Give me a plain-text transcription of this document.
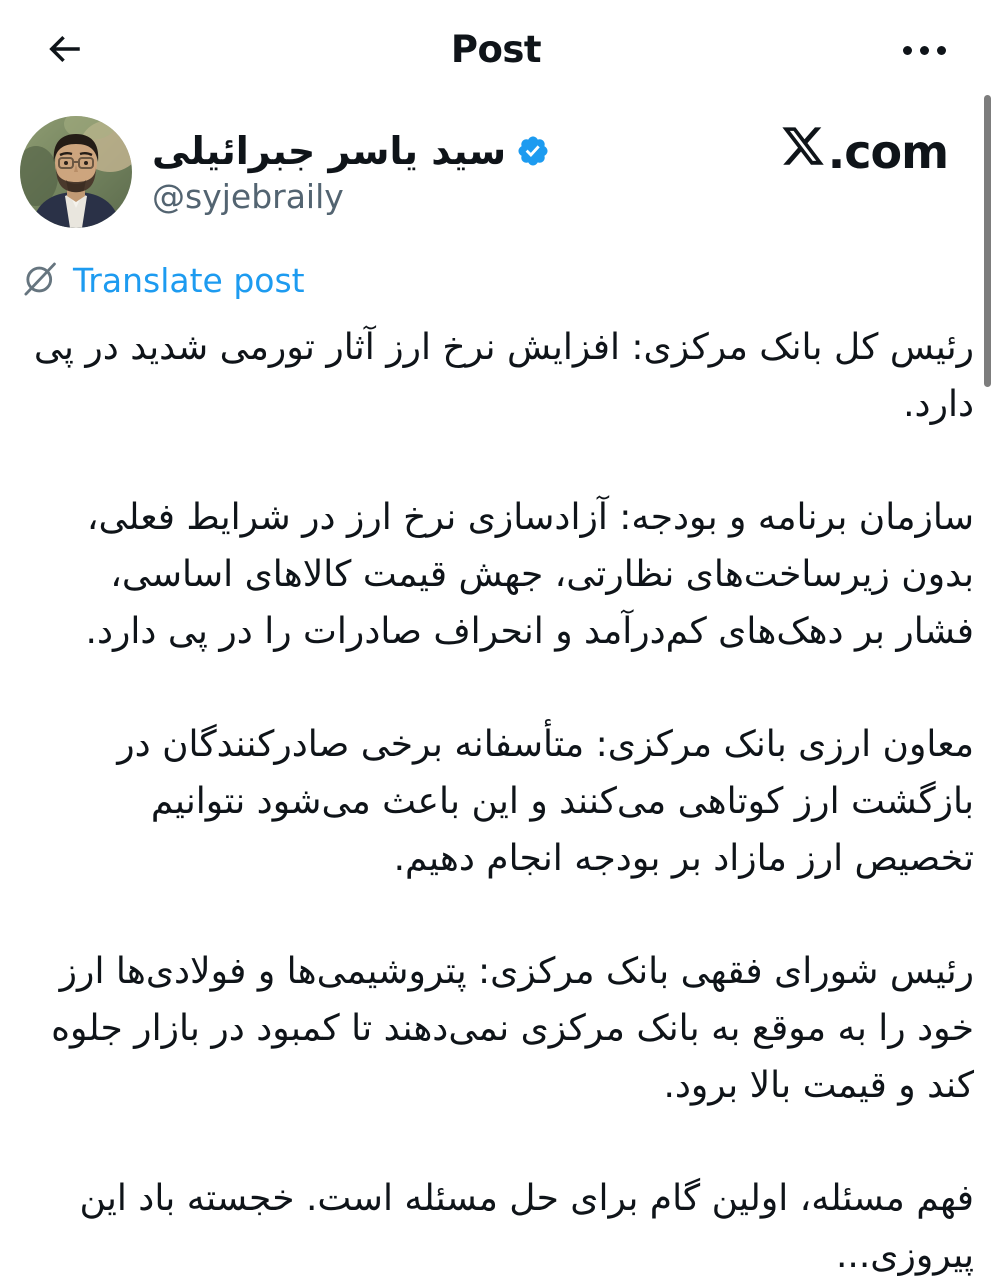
Post
سید یاسر جبرائیلی
@syjebraily
.com
Translate post

رئیس کل بانک مرکزی: افزایش نرخ ارز آثار تورمی شدید در پی دارد.

سازمان برنامه و بودجه: آزادسازی نرخ ارز در شرایط فعلی، بدون زیرساخت‌های نظارتی، جهش قیمت کالاهای اساسی، فشار بر دهک‌های کم‌درآمد و انحراف صادرات را در پی دارد.

معاون ارزی بانک مرکزی: متأسفانه برخی صادرکنندگان در بازگشت ارز کوتاهی می‌کنند و این باعث می‌شود نتوانیم تخصیص ارز مازاد بر بودجه انجام دهیم.

رئیس شورای فقهی بانک مرکزی: پتروشیمی‌ها و فولادی‌ها ارز خود را به موقع به بانک مرکزی نمی‌دهند تا کمبود در بازار جلوه کند و قیمت بالا برود.

فهم مسئله، اولین گام برای حل مسئله است. خجسته باد این پیروزی...
